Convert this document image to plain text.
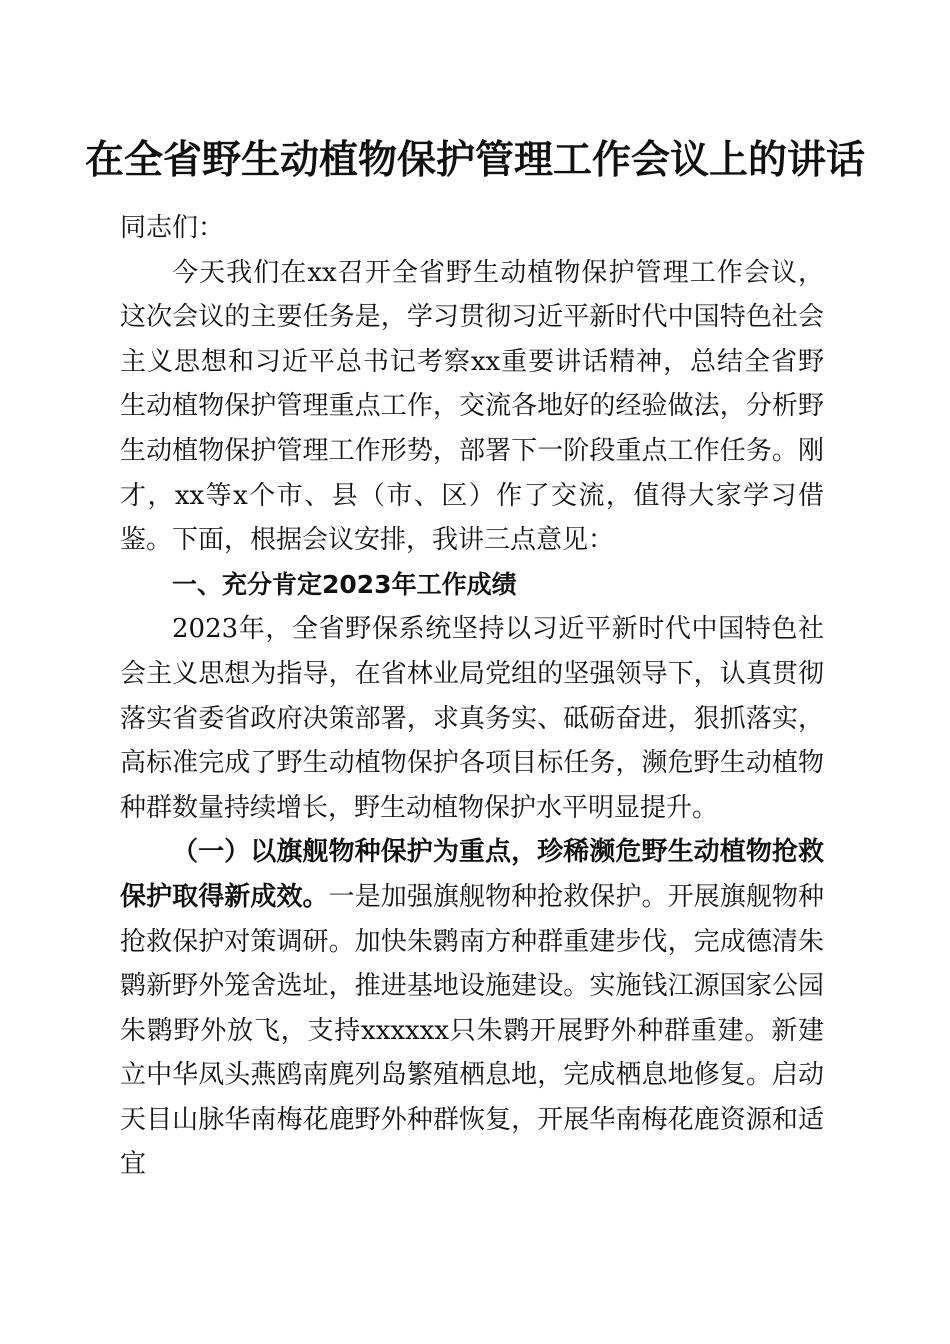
在全省野生动植物保护管理工作会议上的讲话

同志们：

今天我们在xx召开全省野生动植物保护管理工作会议，这次会议的主要任务是，学习贯彻习近平新时代中国特色社会主义思想和习近平总书记考察xx重要讲话精神，总结全省野生动植物保护管理重点工作，交流各地好的经验做法，分析野生动植物保护管理工作形势，部署下一阶段重点工作任务。刚才，xx等x个市、县（市、区）作了交流，值得大家学习借鉴。下面，根据会议安排，我讲三点意见：

一、充分肯定2023年工作成绩

2023年，全省野保系统坚持以习近平新时代中国特色社会主义思想为指导，在省林业局党组的坚强领导下，认真贯彻落实省委省政府决策部署，求真务实、砥砺奋进，狠抓落实，高标准完成了野生动植物保护各项目标任务，濒危野生动植物种群数量持续增长，野生动植物保护水平明显提升。

（一）以旗舰物种保护为重点，珍稀濒危野生动植物抢救保护取得新成效。一是加强旗舰物种抢救保护。开展旗舰物种抢救保护对策调研。加快朱鹮南方种群重建步伐，完成德清朱鹮新野外笼舍选址，推进基地设施建设。实施钱江源国家公园朱鹮野外放飞，支持xxxxxx只朱鹮开展野外种群重建。新建立中华凤头燕鸥南麂列岛繁殖栖息地，完成栖息地修复。启动天目山脉华南梅花鹿野外种群恢复，开展华南梅花鹿资源和适宜
